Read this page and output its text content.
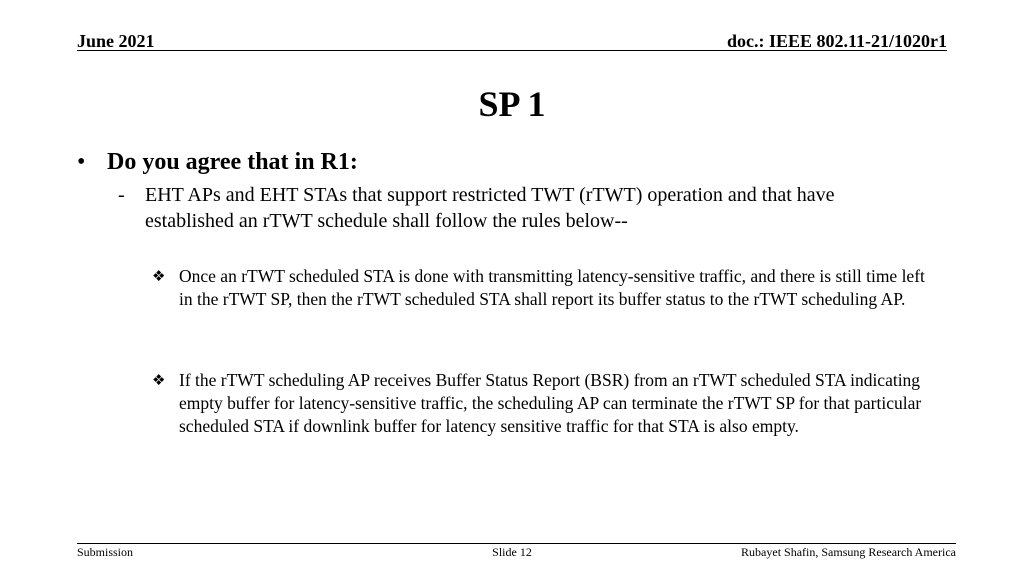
June 2021	doc.: IEEE 802.11-21/1020r1
SP 1
• Do you agree that in R1:
- EHT APs and EHT STAs that support restricted TWT (rTWT) operation and that have established an rTWT schedule shall follow the rules below--
❖ Once an rTWT scheduled STA is done with transmitting latency-sensitive traffic, and there is still time left in the rTWT SP, then the rTWT scheduled STA shall report its buffer status to the rTWT scheduling AP.
❖ If the rTWT scheduling AP receives Buffer Status Report (BSR) from an rTWT scheduled STA indicating empty buffer for latency-sensitive traffic, the scheduling AP can terminate the rTWT SP for that particular scheduled STA if downlink buffer for latency sensitive traffic for that STA is also empty.
Submission	Slide 12	Rubayet Shafin, Samsung Research America
